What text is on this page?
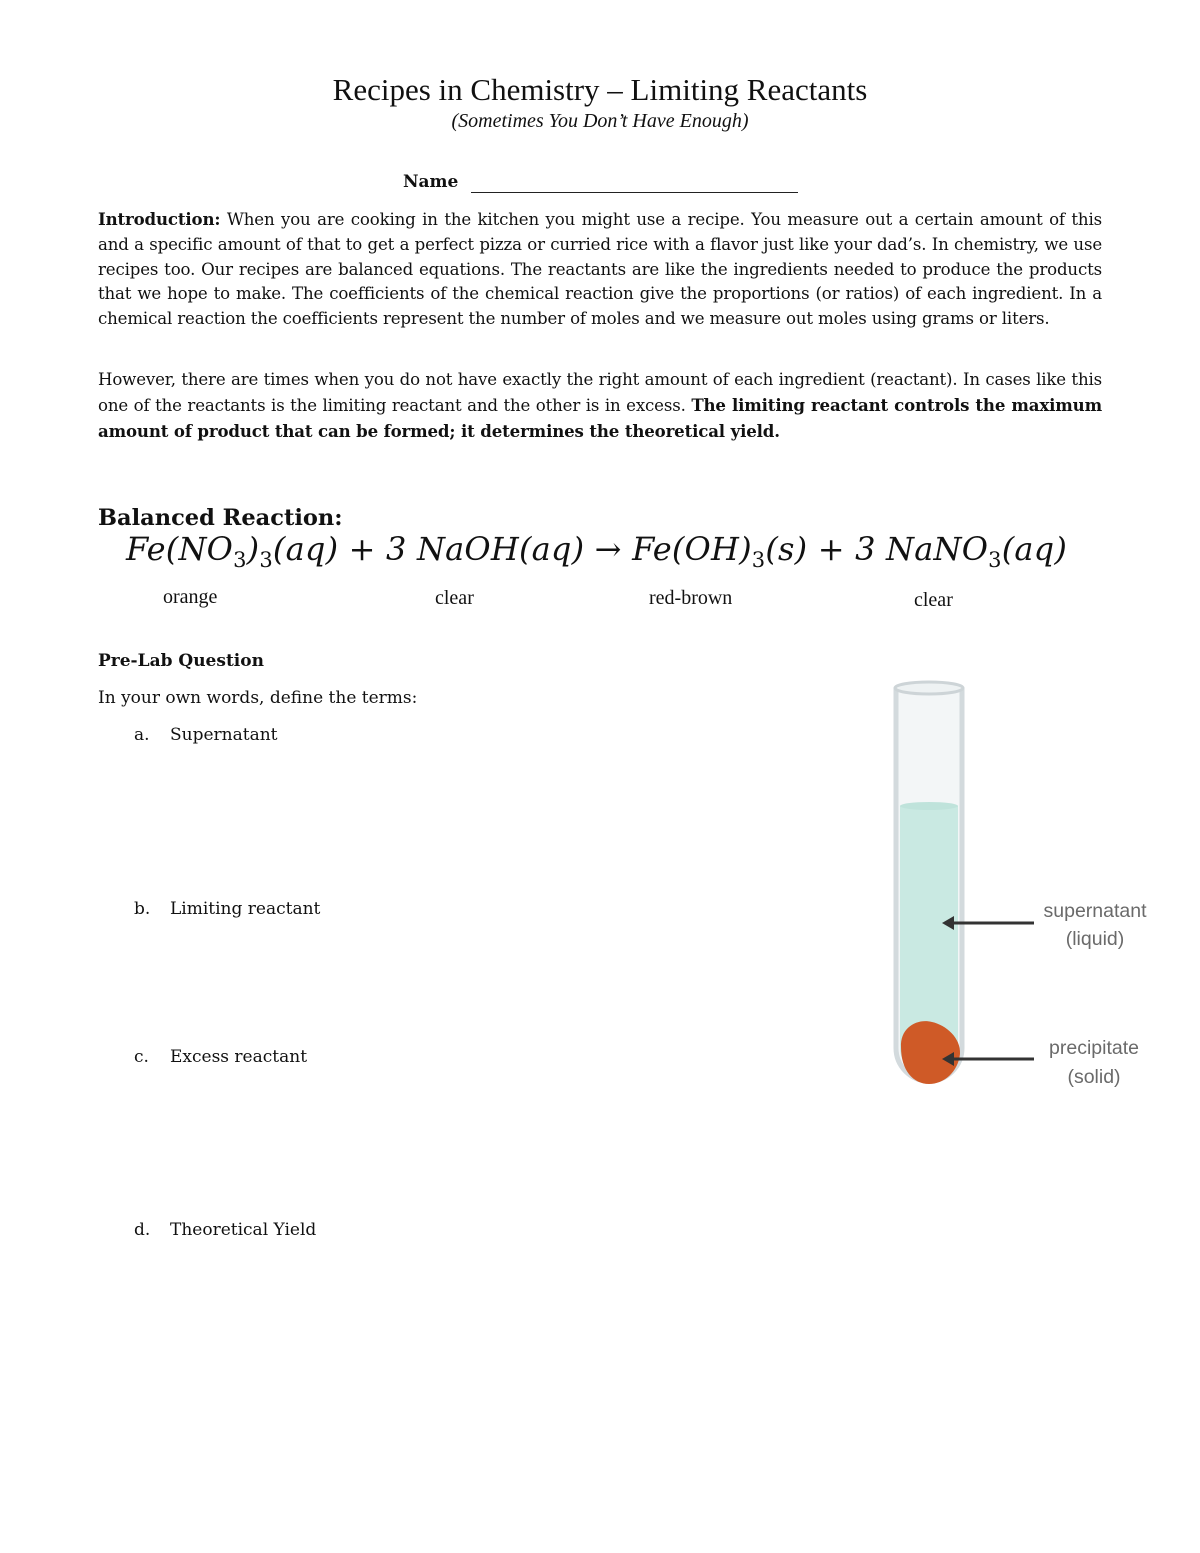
Recipes in Chemistry – Limiting Reactants
(Sometimes You Don’t Have Enough)
Name
Introduction: When you are cooking in the kitchen you might use a recipe. You measure out a certain amount of this and a specific amount of that to get a perfect pizza or curried rice with a flavor just like your dad’s. In chemistry, we use recipes too. Our recipes are balanced equations. The reactants are like the ingredients needed to produce the products that we hope to make. The coefficients of the chemical reaction give the proportions (or ratios) of each ingredient. In a chemical reaction the coefficients represent the number of moles and we measure out moles using grams or liters.
However, there are times when you do not have exactly the right amount of each ingredient (reactant). In cases like this one of the reactants is the limiting reactant and the other is in excess. The limiting reactant controls the maximum amount of product that can be formed; it determines the theoretical yield.
Balanced Reaction:
$Fe(NO_3)_3(aq) + 3$ NaOH(aq) → $Fe(OH)_3(s) + 3$ NaNO$_3$(aq)
orange	clear	red-brown	clear
Pre-Lab Question
In your own words, define the terms:
a. Supernatant
b. Limiting reactant
c. Excess reactant
d. Theoretical Yield
supernatant
(liquid)
precipitate
(solid)
